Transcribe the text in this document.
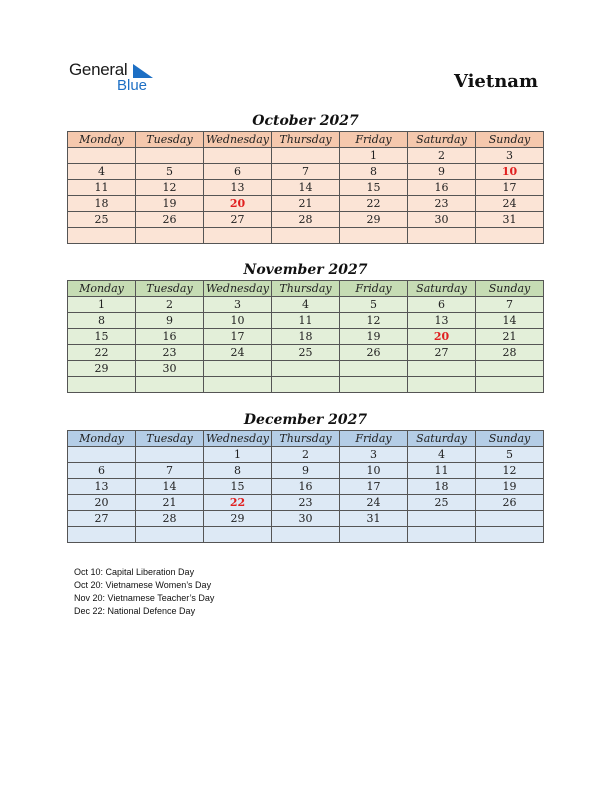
General
Blue	Vietnam
October 2027
Monday	Tuesday	Wednesday	Thursday	Friday	Saturday	Sunday
				1	2	3
4	5	6	7	8	9	10
11	12	13	14	15	16	17
18	19	20	21	22	23	24
25	26	27	28	29	30	31

November 2027
Monday	Tuesday	Wednesday	Thursday	Friday	Saturday	Sunday
1	2	3	4	5	6	7
8	9	10	11	12	13	14
15	16	17	18	19	20	21
22	23	24	25	26	27	28
29	30					

December 2027
Monday	Tuesday	Wednesday	Thursday	Friday	Saturday	Sunday
		1	2	3	4	5
6	7	8	9	10	11	12
13	14	15	16	17	18	19
20	21	22	23	24	25	26
27	28	29	30	31		

Oct 10: Capital Liberation Day
Oct 20: Vietnamese Women’s Day
Nov 20: Vietnamese Teacher’s Day
Dec 22: National Defence Day
